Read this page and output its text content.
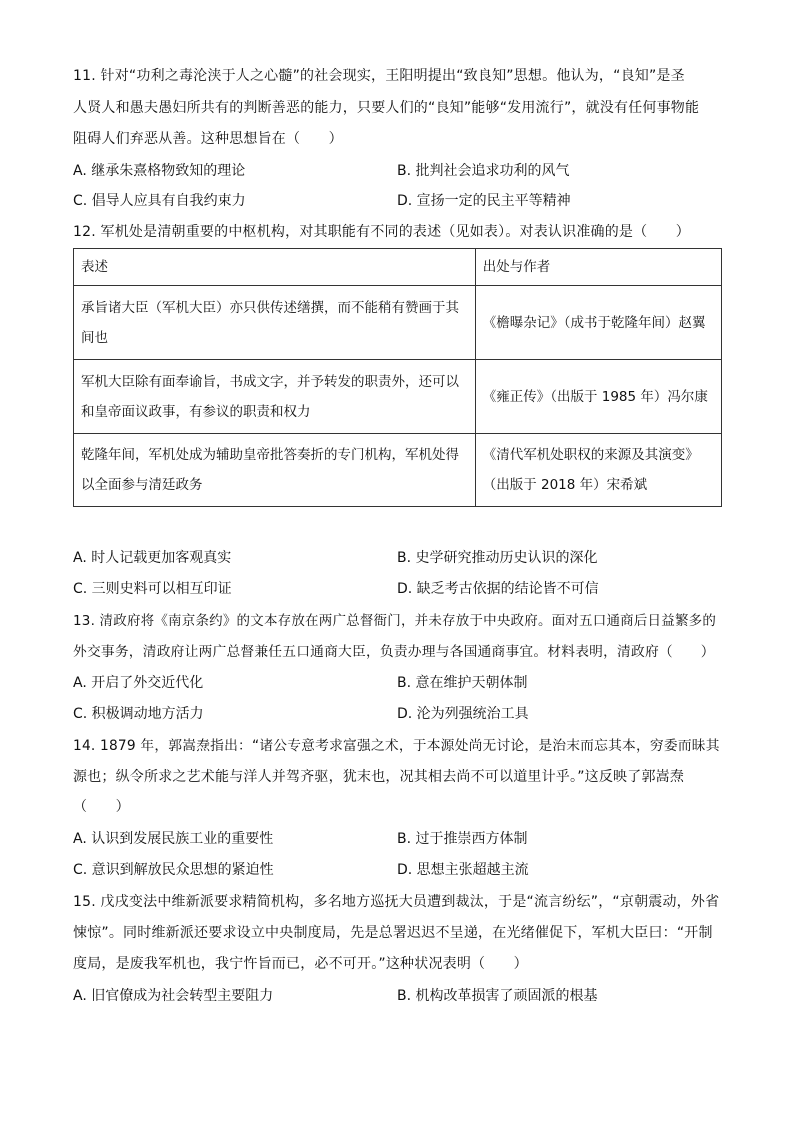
11. 针对“功利之毒沦浃于人之心髓”的社会现实，王阳明提出“致良知”思想。他认为，“良知”是圣
人贤人和愚夫愚妇所共有的判断善恶的能力，只要人们的“良知”能够“发用流行”，就没有任何事物能
阻碍人们弃恶从善。这种思想旨在（　　）
A. 继承朱熹格物致知的理论	B. 批判社会追求功利的风气
C. 倡导人应具有自我约束力	D. 宣扬一定的民主平等精神
12. 军机处是清朝重要的中枢机构，对其职能有不同的表述（见如表）。对表认识准确的是（　　）
表述	出处与作者

承旨诸大臣（军机大臣）亦只供传述缮撰，而不能稍有赞画于其间也	《檐曝杂记》（成书于乾隆年间）赵翼

军机大臣除有面奉谕旨，书成文字，并予转发的职责外，还可以和皇帝面议政事，有参议的职责和权力	《雍正传》（出版于 1985 年）冯尔康

乾隆年间，军机处成为辅助皇帝批答奏折的专门机构，军机处得以全面参与清廷政务	《清代军机处职权的来源及其演变》（出版于 2018 年）宋希斌
A. 时人记载更加客观真实	B. 史学研究推动历史认识的深化
C. 三则史料可以相互印证	D. 缺乏考古依据的结论皆不可信
13. 清政府将《南京条约》的文本存放在两广总督衙门，并未存放于中央政府。面对五口通商后日益繁多的
外交事务，清政府让两广总督兼任五口通商大臣，负责办理与各国通商事宜。材料表明，清政府（　　）
A. 开启了外交近代化	B. 意在维护天朝体制
C. 积极调动地方活力	D. 沦为列强统治工具
14. 1879 年，郭嵩焘指出：“诸公专意考求富强之术，于本源处尚无讨论，是治末而忘其本，穷委而昧其
源也；纵令所求之艺术能与洋人并驾齐驱，犹末也，况其相去尚不可以道里计乎。”这反映了郭嵩焘
（　　）
A. 认识到发展民族工业的重要性	B. 过于推崇西方体制
C. 意识到解放民众思想的紧迫性	D. 思想主张超越主流
15. 戊戌变法中维新派要求精简机构，多名地方巡抚大员遭到裁汰，于是“流言纷纭”，“京朝震动，外省
悚惊”。同时维新派还要求设立中央制度局，先是总署迟迟不呈递，在光绪催促下，军机大臣曰：“开制
度局，是废我军机也，我宁忤旨而已，必不可开。”这种状况表明（　　）
A. 旧官僚成为社会转型主要阻力	B. 机构改革损害了顽固派的根基
